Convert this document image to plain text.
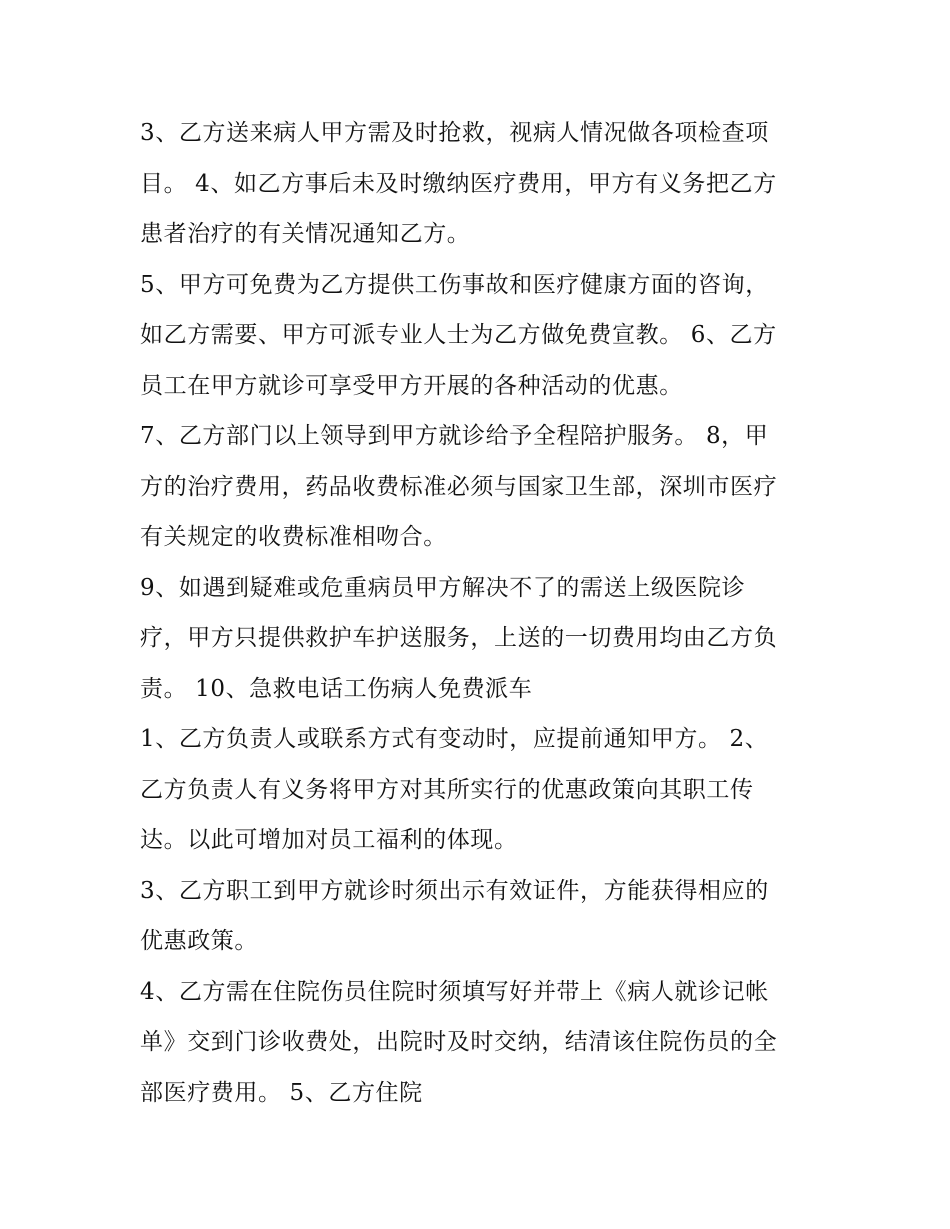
3、乙方送来病人甲方需及时抢救，视病人情况做各项检查项
目。 4、如乙方事后未及时缴纳医疗费用，甲方有义务把乙方
患者治疗的有关情况通知乙方。

5、甲方可免费为乙方提供工伤事故和医疗健康方面的咨询，
如乙方需要、甲方可派专业人士为乙方做免费宣教。 6、乙方
员工在甲方就诊可享受甲方开展的各种活动的优惠。

7、乙方部门以上领导到甲方就诊给予全程陪护服务。 8，甲
方的治疗费用，药品收费标准必须与国家卫生部，深圳市医疗
有关规定的收费标准相吻合。

9、如遇到疑难或危重病员甲方解决不了的需送上级医院诊
疗，甲方只提供救护车护送服务，上送的一切费用均由乙方负
责。 10、急救电话工伤病人免费派车

1、乙方负责人或联系方式有变动时，应提前通知甲方。 2、
乙方负责人有义务将甲方对其所实行的优惠政策向其职工传
达。以此可增加对员工福利的体现。

3、乙方职工到甲方就诊时须出示有效证件，方能获得相应的
优惠政策。

4、乙方需在住院伤员住院时须填写好并带上《病人就诊记帐
单》交到门诊收费处，出院时及时交纳，结清该住院伤员的全
部医疗费用。 5、乙方住院
